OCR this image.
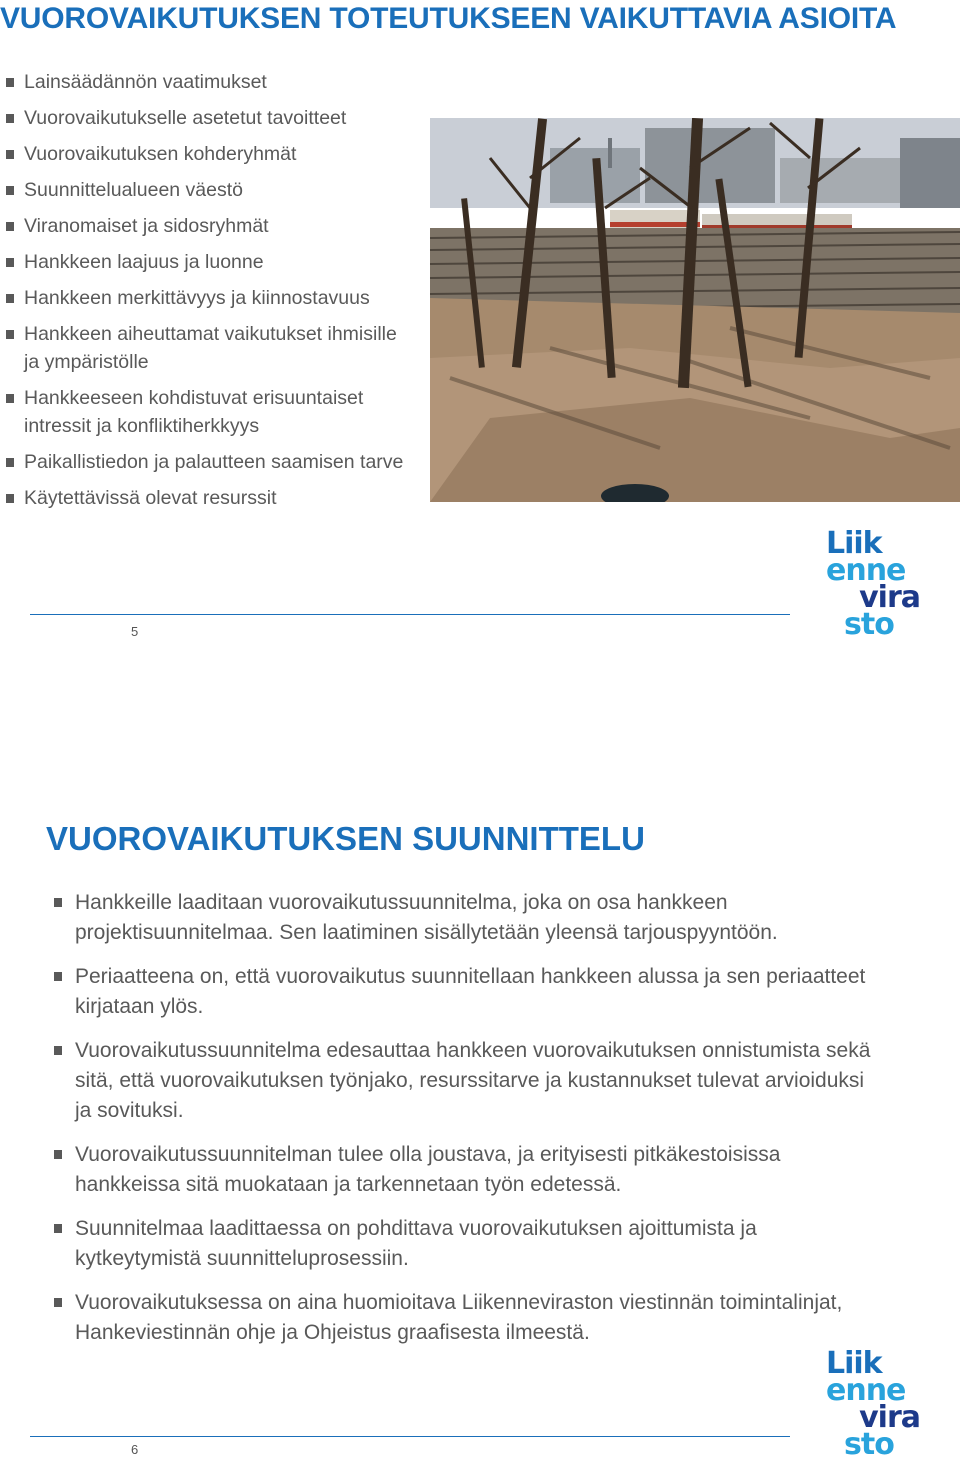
VUOROVAIKUTUKSEN TOTEUTUKSEEN VAIKUTTAVIA ASIOITA
Lainsäädännön vaatimukset
Vuorovaikutukselle asetetut tavoitteet
Vuorovaikutuksen kohderyhmät
Suunnittelualueen väestö
Viranomaiset ja sidosryhmät
Hankkeen laajuus ja luonne
Hankkeen merkittävyys ja kiinnostavuus
Hankkeen aiheuttamat vaikutukset ihmisille ja ympäristölle
Hankkeeseen kohdistuvat erisuuntaiset intressit ja konfliktiherkkyys
Paikallistiedon ja palautteen saamisen tarve
Käytettävissä olevat resurssit
5
Liik
enne
vira
sto
VUOROVAIKUTUKSEN SUUNNITTELU
Hankkeille laaditaan vuorovaikutussuunnitelma, joka on osa hankkeen projektisuunnitelmaa. Sen laatiminen sisällytetään yleensä tarjouspyyntöön.
Periaatteena on, että vuorovaikutus suunnitellaan hankkeen alussa ja sen periaatteet kirjataan ylös.
Vuorovaikutussuunnitelma edesauttaa hankkeen vuorovaikutuksen onnistumista sekä sitä, että vuorovaikutuksen työnjako, resurssitarve ja kustannukset tulevat arvioiduksi ja sovituksi.
Vuorovaikutussuunnitelman tulee olla joustava, ja erityisesti pitkäkestoisissa hankkeissa sitä muokataan ja tarkennetaan työn edetessä.
Suunnitelmaa laadittaessa on pohdittava vuorovaikutuksen ajoittumista ja kytkeytymistä suunnitteluprosessiin.
Vuorovaikutuksessa on aina huomioitava Liikenneviraston viestinnän toimintalinjat, Hankeviestinnän ohje ja Ohjeistus graafisesta ilmeestä.
6
Liik
enne
vira
sto
